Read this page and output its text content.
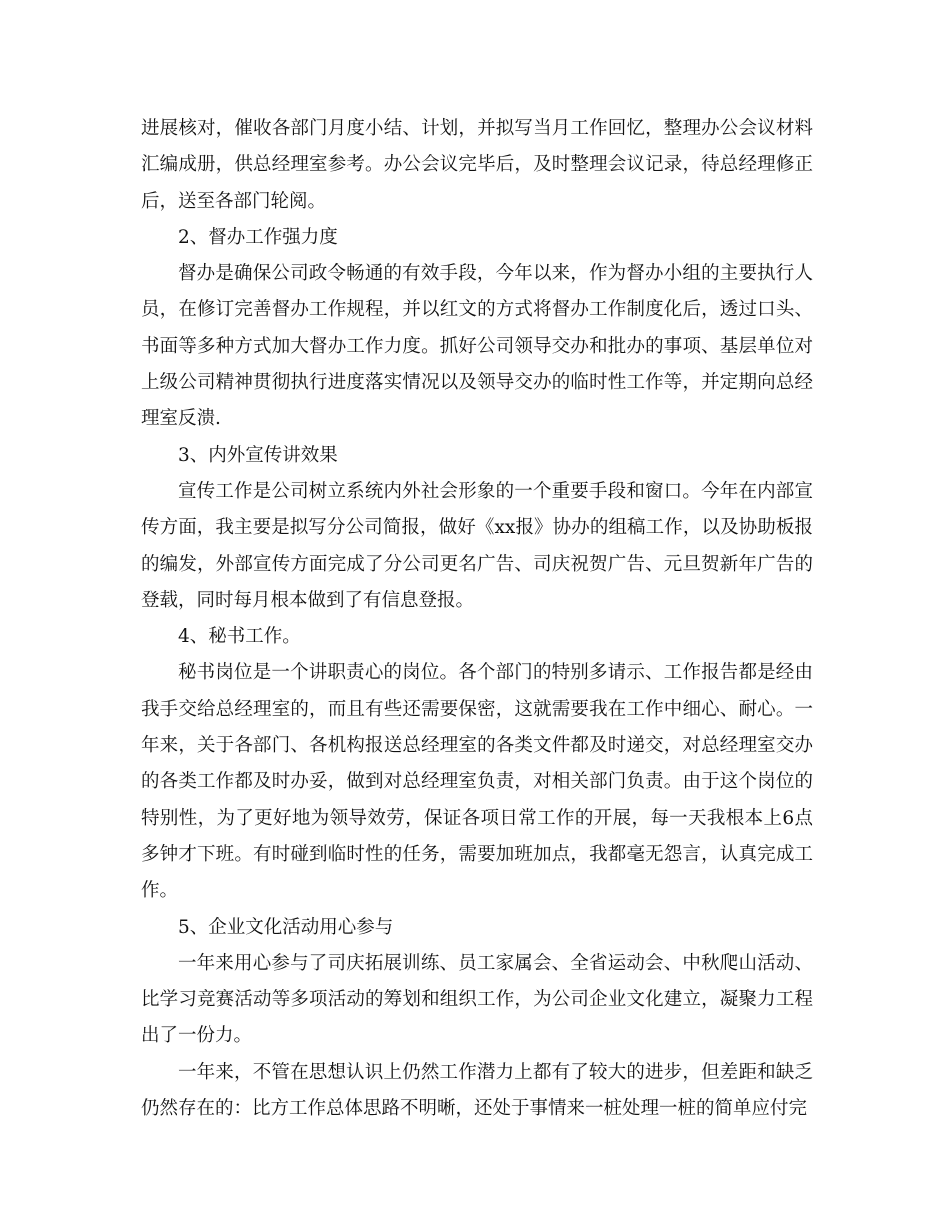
进展核对，催收各部门月度小结、计划，并拟写当月工作回忆，整理办公会议材料汇编成册，供总经理室参考。办公会议完毕后，及时整理会议记录，待总经理修正后，送至各部门轮阅。

2、督办工作强力度

督办是确保公司政令畅通的有效手段，今年以来，作为督办小组的主要执行人员，在修订完善督办工作规程，并以红文的方式将督办工作制度化后，透过口头、书面等多种方式加大督办工作力度。抓好公司领导交办和批办的事项、基层单位对上级公司精神贯彻执行进度落实情况以及领导交办的临时性工作等，并定期向总经理室反溃.

3、内外宣传讲效果

宣传工作是公司树立系统内外社会形象的一个重要手段和窗口。今年在内部宣传方面，我主要是拟写分公司简报，做好《xx报》协办的组稿工作，以及协助板报的编发，外部宣传方面完成了分公司更名广告、司庆祝贺广告、元旦贺新年广告的登载，同时每月根本做到了有信息登报。

4、秘书工作。

秘书岗位是一个讲职责心的岗位。各个部门的特别多请示、工作报告都是经由我手交给总经理室的，而且有些还需要保密，这就需要我在工作中细心、耐心。一年来，关于各部门、各机构报送总经理室的各类文件都及时递交，对总经理室交办的各类工作都及时办妥，做到对总经理室负责，对相关部门负责。由于这个岗位的特别性，为了更好地为领导效劳，保证各项日常工作的开展，每一天我根本上6点多钟才下班。有时碰到临时性的任务，需要加班加点，我都毫无怨言，认真完成工作。

5、企业文化活动用心参与

一年来用心参与了司庆拓展训练、员工家属会、全省运动会、中秋爬山活动、比学习竞赛活动等多项活动的筹划和组织工作，为公司企业文化建立，凝聚力工程出了一份力。

一年来，不管在思想认识上仍然工作潜力上都有了较大的进步，但差距和缺乏仍然存在的：比方工作总体思路不明晰，还处于事情来一桩处理一桩的简单应付完
